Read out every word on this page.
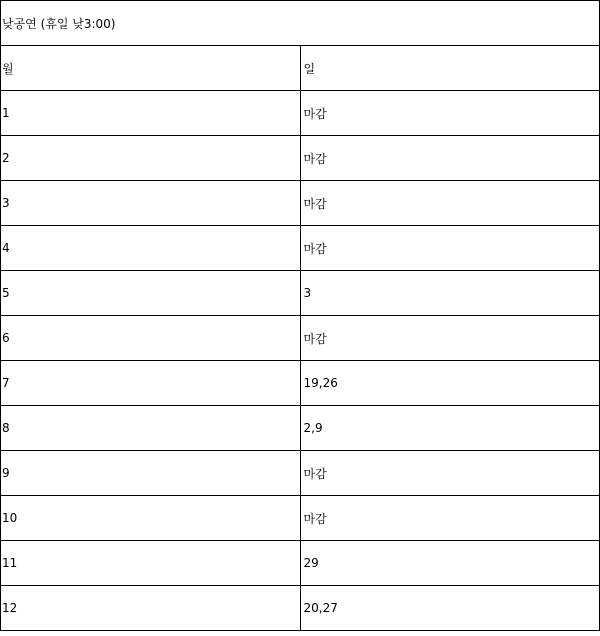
낮공연 (휴일 낮3:00)	
월	일
1	마감
2	마감
3	마감
4	마감
5	3
6	마감
7	19,26
8	2,9
9	마감
10	마감
11	29
12	20,27
